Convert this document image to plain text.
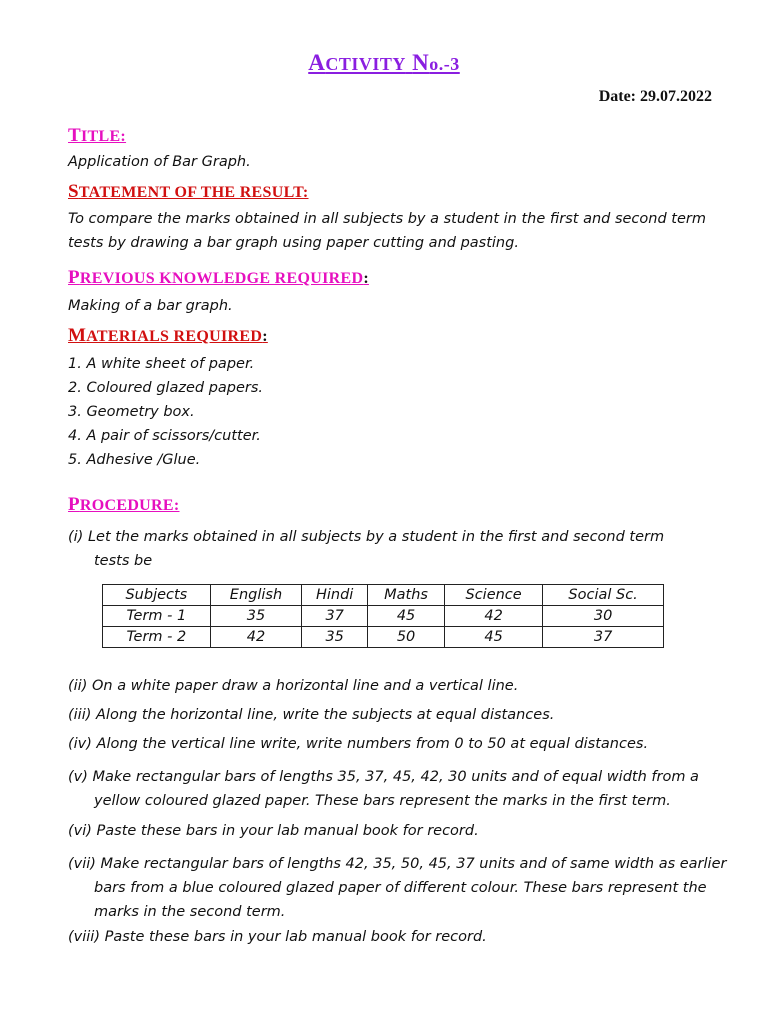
ACTIVITY No.-3
Date: 29.07.2022
TITLE:
Application of Bar Graph.
STATEMENT OF THE RESULT:
To compare the marks obtained in all subjects by a student in the first and second term tests by drawing a bar graph using paper cutting and pasting.
PREVIOUS KNOWLEDGE REQUIRED:
Making of a bar graph.
MATERIALS REQUIRED:
1. A white sheet of paper.
2. Coloured glazed papers.
3. Geometry box.
4. A pair of scissors/cutter.
5. Adhesive /Glue.
PROCEDURE:
(i) Let the marks obtained in all subjects by a student in the first and second term tests be
Subjects	English	Hindi	Maths	Science	Social Sc.
Term - 1	35	37	45	42	30
Term - 2	42	35	50	45	37
(ii) On a white paper draw a horizontal line and a vertical line.
(iii) Along the horizontal line, write the subjects at equal distances.
(iv) Along the vertical line write, write numbers from 0 to 50 at equal distances.
(v) Make rectangular bars of lengths 35, 37, 45, 42, 30 units and of equal width from a yellow coloured glazed paper. These bars represent the marks in the first term.
(vi) Paste these bars in your lab manual book for record.
(vii) Make rectangular bars of lengths 42, 35, 50, 45, 37 units and of same width as earlier bars from a blue coloured glazed paper of different colour. These bars represent the marks in the second term.
(viii) Paste these bars in your lab manual book for record.
